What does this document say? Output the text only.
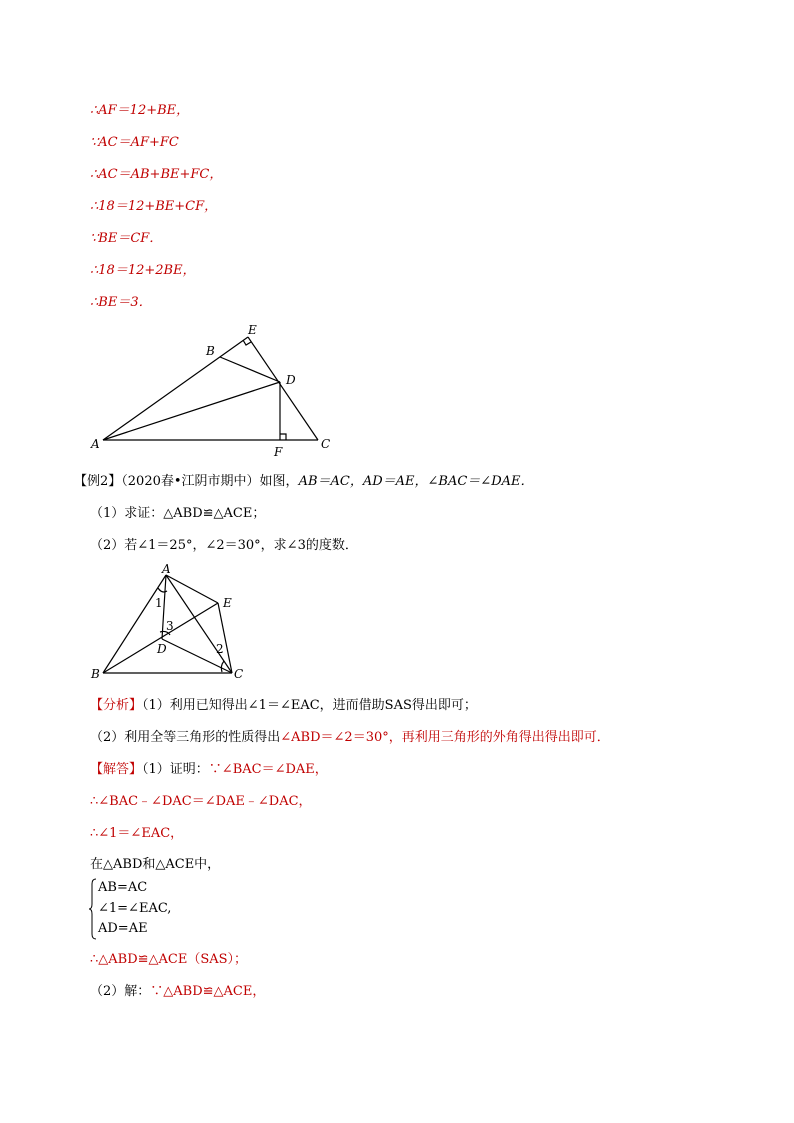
∴AF＝12+BE，
∵AC＝AF+FC
∴AC＝AB+BE+FC，
∴18＝12+BE+CF，
∵BE＝CF．
∴18＝12+2BE，
∴BE＝3．
E
B
D
A
F
C
【例2】（2020春•江阴市期中）如图，AB＝AC，AD＝AE，∠BAC＝∠DAE．
（1）求证：△ABD≌△ACE；
（2）若∠1＝25°，∠2＝30°，求∠3的度数．
A
E
B
D
C
1
2
3
【分析】（1）利用已知得出∠1＝∠EAC，进而借助SAS得出即可；
（2）利用全等三角形的性质得出∠ABD＝∠2＝30°，再利用三角形的外角得出得出即可．
【解答】（1）证明：∵∠BAC＝∠DAE，
∴∠BAC﹣∠DAC＝∠DAE﹣∠DAC，
∴∠1＝∠EAC，
在△ABD和△ACE中，
AB=AC
∠1=∠EAC,
AD=AE
∴△ABD≌△ACE（SAS）；
（2）解：∵△ABD≌△ACE，
